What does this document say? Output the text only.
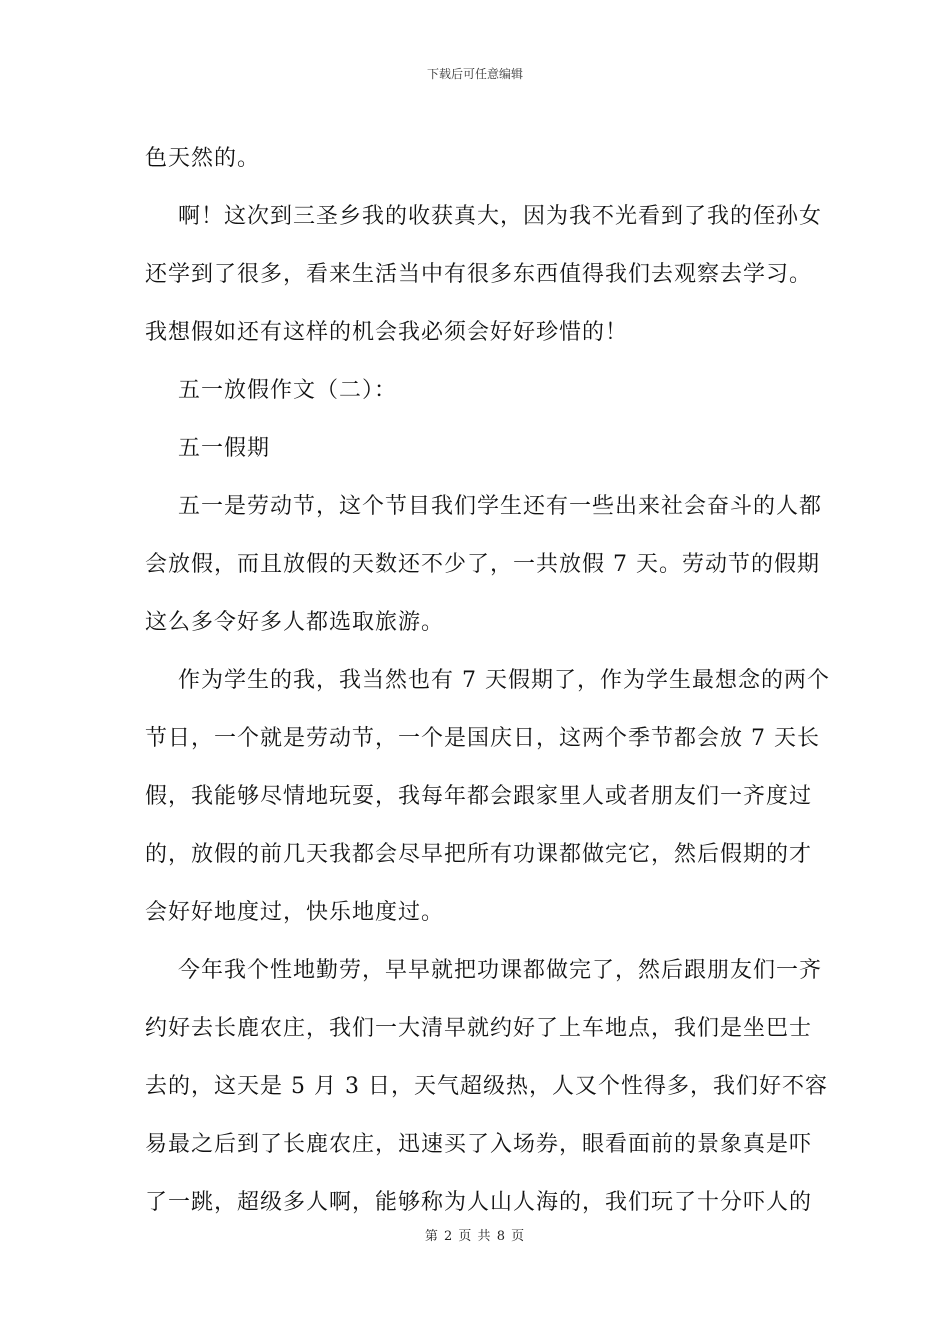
下载后可任意编辑
色天然的。
啊！这次到三圣乡我的收获真大，因为我不光看到了我的侄孙女
还学到了很多，看来生活当中有很多东西值得我们去观察去学习。
我想假如还有这样的机会我必须会好好珍惜的！
五一放假作文（二）：
五一假期
五一是劳动节，这个节目我们学生还有一些出来社会奋斗的人都
会放假，而且放假的天数还不少了，一共放假 7 天。劳动节的假期
这么多令好多人都选取旅游。
作为学生的我，我当然也有 7 天假期了，作为学生最想念的两个
节日，一个就是劳动节，一个是国庆日，这两个季节都会放 7 天长
假，我能够尽情地玩耍，我每年都会跟家里人或者朋友们一齐度过
的，放假的前几天我都会尽早把所有功课都做完它，然后假期的才
会好好地度过，快乐地度过。
今年我个性地勤劳，早早就把功课都做完了，然后跟朋友们一齐
约好去长鹿农庄，我们一大清早就约好了上车地点，我们是坐巴士
去的，这天是 5 月 3 日，天气超级热，人又个性得多，我们好不容
易最之后到了长鹿农庄，迅速买了入场券，眼看面前的景象真是吓
了一跳，超级多人啊，能够称为人山人海的，我们玩了十分吓人的
第 2 页 共 8 页
